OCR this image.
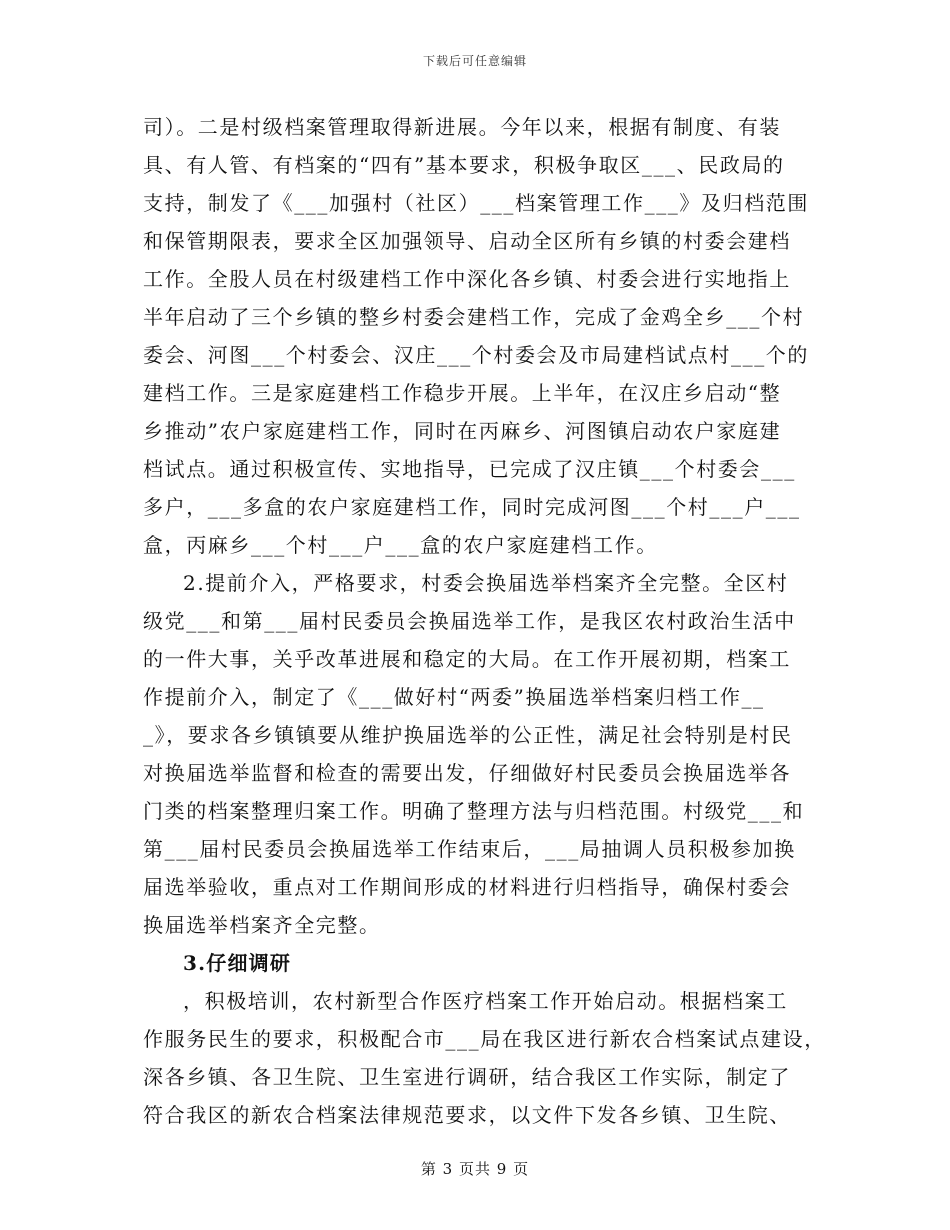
下载后可任意编辑
司）。二是村级档案管理取得新进展。今年以来，根据有制度、有装
具、有人管、有档案的“四有”基本要求，积极争取区___、民政局的
支持，制发了《___加强村（社区）___档案管理工作___》及归档范围
和保管期限表，要求全区加强领导、启动全区所有乡镇的村委会建档
工作。全股人员在村级建档工作中深化各乡镇、村委会进行实地指上
半年启动了三个乡镇的整乡村委会建档工作，完成了金鸡全乡___个村
委会、河图___个村委会、汉庄___个村委会及市局建档试点村___个的
建档工作。三是家庭建档工作稳步开展。上半年，在汉庄乡启动“整
乡推动”农户家庭建档工作，同时在丙麻乡、河图镇启动农户家庭建
档试点。通过积极宣传、实地指导，已完成了汉庄镇___个村委会___
多户，___多盒的农户家庭建档工作，同时完成河图___个村___户___
盒，丙麻乡___个村___户___盒的农户家庭建档工作。
2.提前介入，严格要求，村委会换届选举档案齐全完整。全区村
级党___和第___届村民委员会换届选举工作，是我区农村政治生活中
的一件大事，关乎改革进展和稳定的大局。在工作开展初期，档案工
作提前介入，制定了《___做好村“两委”换届选举档案归档工作__
_》，要求各乡镇镇要从维护换届选举的公正性，满足社会特别是村民
对换届选举监督和检查的需要出发，仔细做好村民委员会换届选举各
门类的档案整理归案工作。明确了整理方法与归档范围。村级党___和
第___届村民委员会换届选举工作结束后，___局抽调人员积极参加换
届选举验收，重点对工作期间形成的材料进行归档指导，确保村委会
换届选举档案齐全完整。
3.仔细调研
，积极培训，农村新型合作医疗档案工作开始启动。根据档案工
作服务民生的要求，积极配合市___局在我区进行新农合档案试点建设，
深各乡镇、各卫生院、卫生室进行调研，结合我区工作实际，制定了
符合我区的新农合档案法律规范要求，以文件下发各乡镇、卫生院、
第 3 页共 9 页
